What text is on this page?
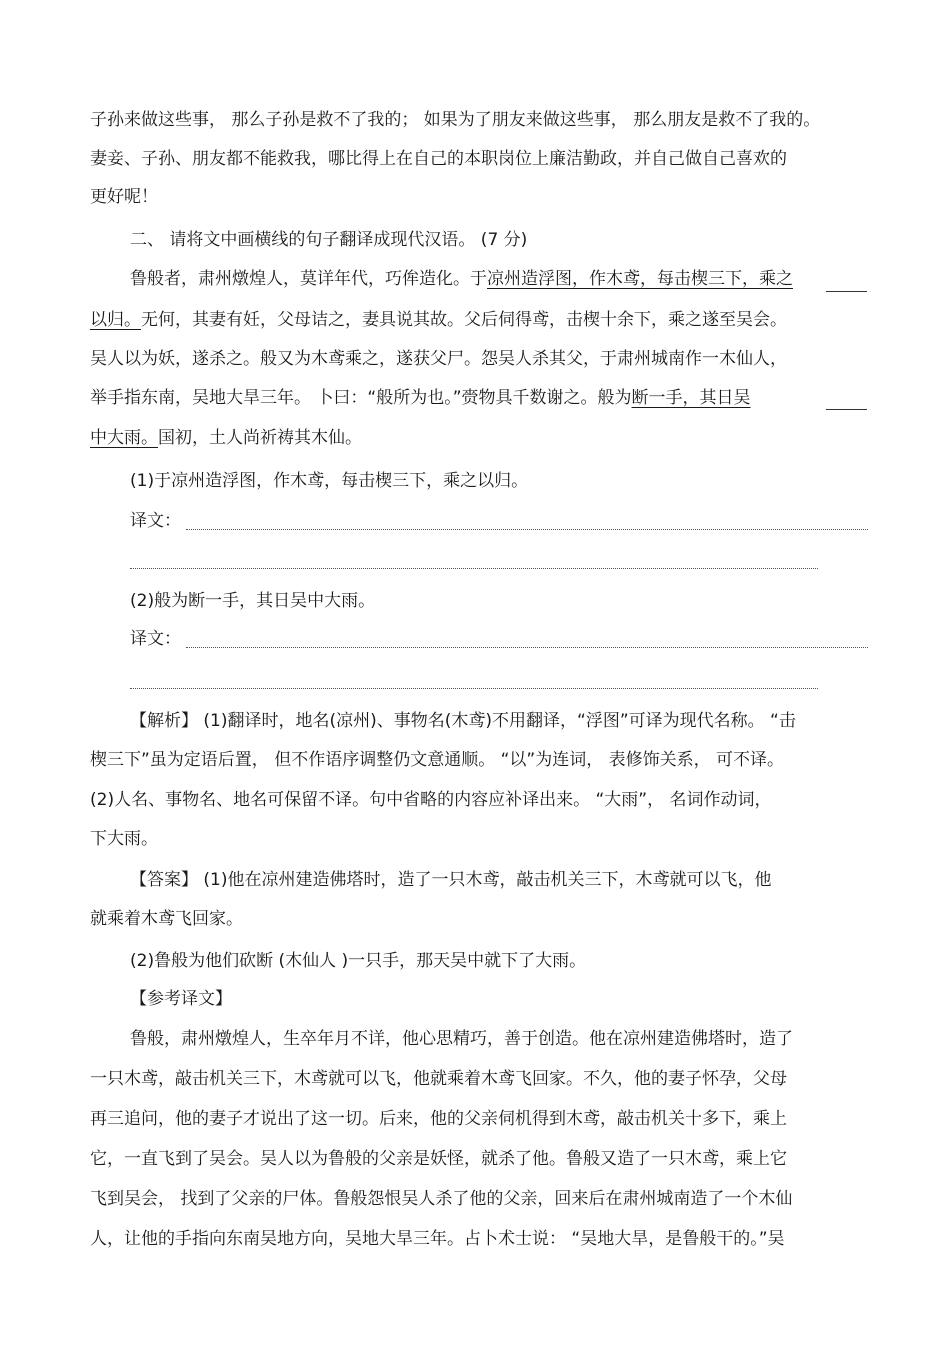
子孙来做这些事， 那么子孙是救不了我的； 如果为了朋友来做这些事， 那么朋友是救不了我的。
妻妾、子孙、朋友都不能救我，哪比得上在自己的本职岗位上廉洁勤政，并自己做自己喜欢的
更好呢！
二、 请将文中画横线的句子翻译成现代汉语。 (7 分)
鲁般者，肃州燉煌人，莫详年代，巧侔造化。于凉州造浮图，作木鸢，每击楔三下，乘之
以归。无何，其妻有妊，父母诘之，妻具说其故。父后伺得鸢，击楔十余下，乘之遂至吴会。
吴人以为妖，遂杀之。般又为木鸢乘之，遂获父尸。怨吴人杀其父，于肃州城南作一木仙人，
举手指东南，吴地大旱三年。 卜曰：“般所为也。”赍物具千数谢之。般为断一手，其日吴
中大雨。国初，土人尚祈祷其木仙。
(1)于凉州造浮图，作木鸢，每击楔三下，乘之以归。
译文：
(2)般为断一手，其日吴中大雨。
译文：
【解析】 (1)翻译时，地名(凉州)、事物名(木鸢)不用翻译，“浮图”可译为现代名称。 “击
楔三下”虽为定语后置， 但不作语序调整仍文意通顺。 “以”为连词， 表修饰关系， 可不译。
(2)人名、事物名、地名可保留不译。句中省略的内容应补译出来。 “大雨”， 名词作动词，
下大雨。
【答案】 (1)他在凉州建造佛塔时，造了一只木鸢，敲击机关三下，木鸢就可以飞，他
就乘着木鸢飞回家。
(2)鲁般为他们砍断 (木仙人 )一只手，那天吴中就下了大雨。
【参考译文】
鲁般，肃州燉煌人，生卒年月不详，他心思精巧，善于创造。他在凉州建造佛塔时，造了
一只木鸢，敲击机关三下，木鸢就可以飞，他就乘着木鸢飞回家。不久，他的妻子怀孕，父母
再三追问，他的妻子才说出了这一切。后来，他的父亲伺机得到木鸢，敲击机关十多下，乘上
它，一直飞到了吴会。吴人以为鲁般的父亲是妖怪，就杀了他。鲁般又造了一只木鸢，乘上它
飞到吴会， 找到了父亲的尸体。鲁般怨恨吴人杀了他的父亲，回来后在肃州城南造了一个木仙
人，让他的手指向东南吴地方向，吴地大旱三年。占卜术士说： “吴地大旱，是鲁般干的。”吴
